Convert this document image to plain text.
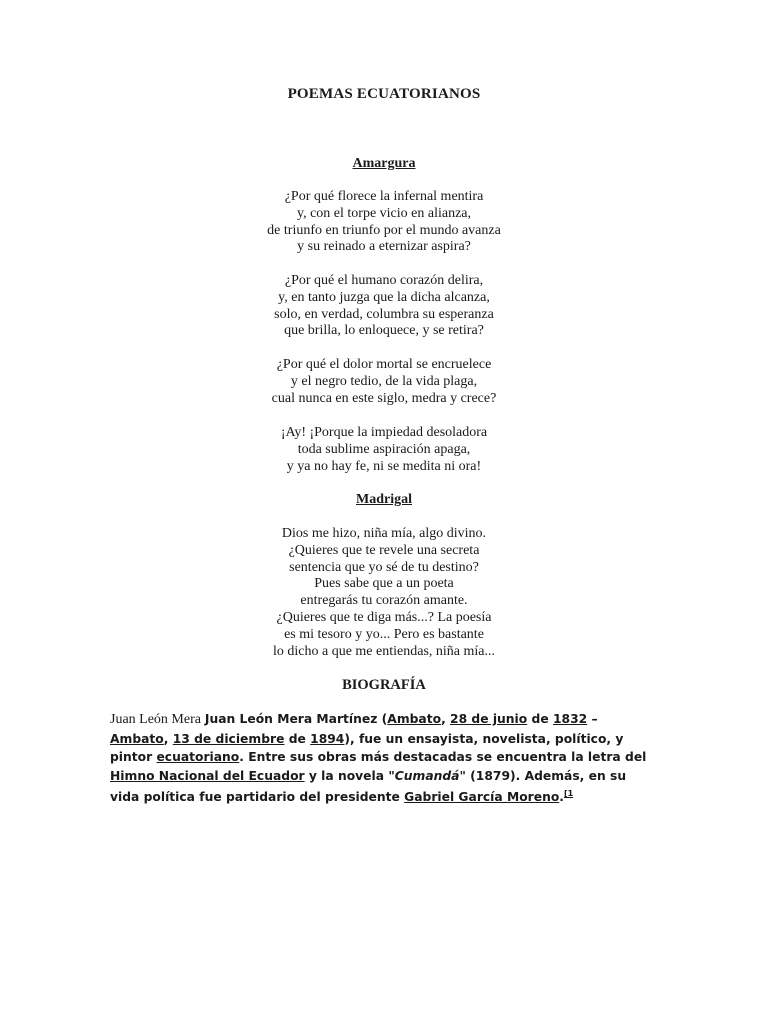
POEMAS ECUATORIANOS
Amargura
¿Por qué florece la infernal mentira
y, con el torpe vicio en alianza,
de triunfo en triunfo por el mundo avanza
y su reinado a eternizar aspira?
¿Por qué el humano corazón delira,
y, en tanto juzga que la dicha alcanza,
solo, en verdad, columbra su esperanza
que brilla, lo enloquece, y se retira?
¿Por qué el dolor mortal se encruelece
y el negro tedio, de la vida plaga,
cual nunca en este siglo, medra y crece?
¡Ay! ¡Porque la impiedad desoladora
toda sublime aspiración apaga,
y ya no hay fe, ni se medita ni ora!
Madrigal
Dios me hizo, niña mía, algo divino.
¿Quieres que te revele una secreta
sentencia que yo sé de tu destino?
Pues sabe que a un poeta
entregarás tu corazón amante.
¿Quieres que te diga más...? La poesía
es mi tesoro y yo... Pero es bastante
lo dicho a que me entiendas, niña mía...
BIOGRAFÍA
Juan León Mera Juan León Mera Martínez (Ambato, 28 de junio de 1832 – Ambato, 13 de diciembre de 1894), fue un ensayista, novelista, político, y pintor ecuatoriano. Entre sus obras más destacadas se encuentra la letra del Himno Nacional del Ecuador y la novela "Cumandá" (1879). Además, en su vida política fue partidario del presidente Gabriel García Moreno.$^{[1}$
